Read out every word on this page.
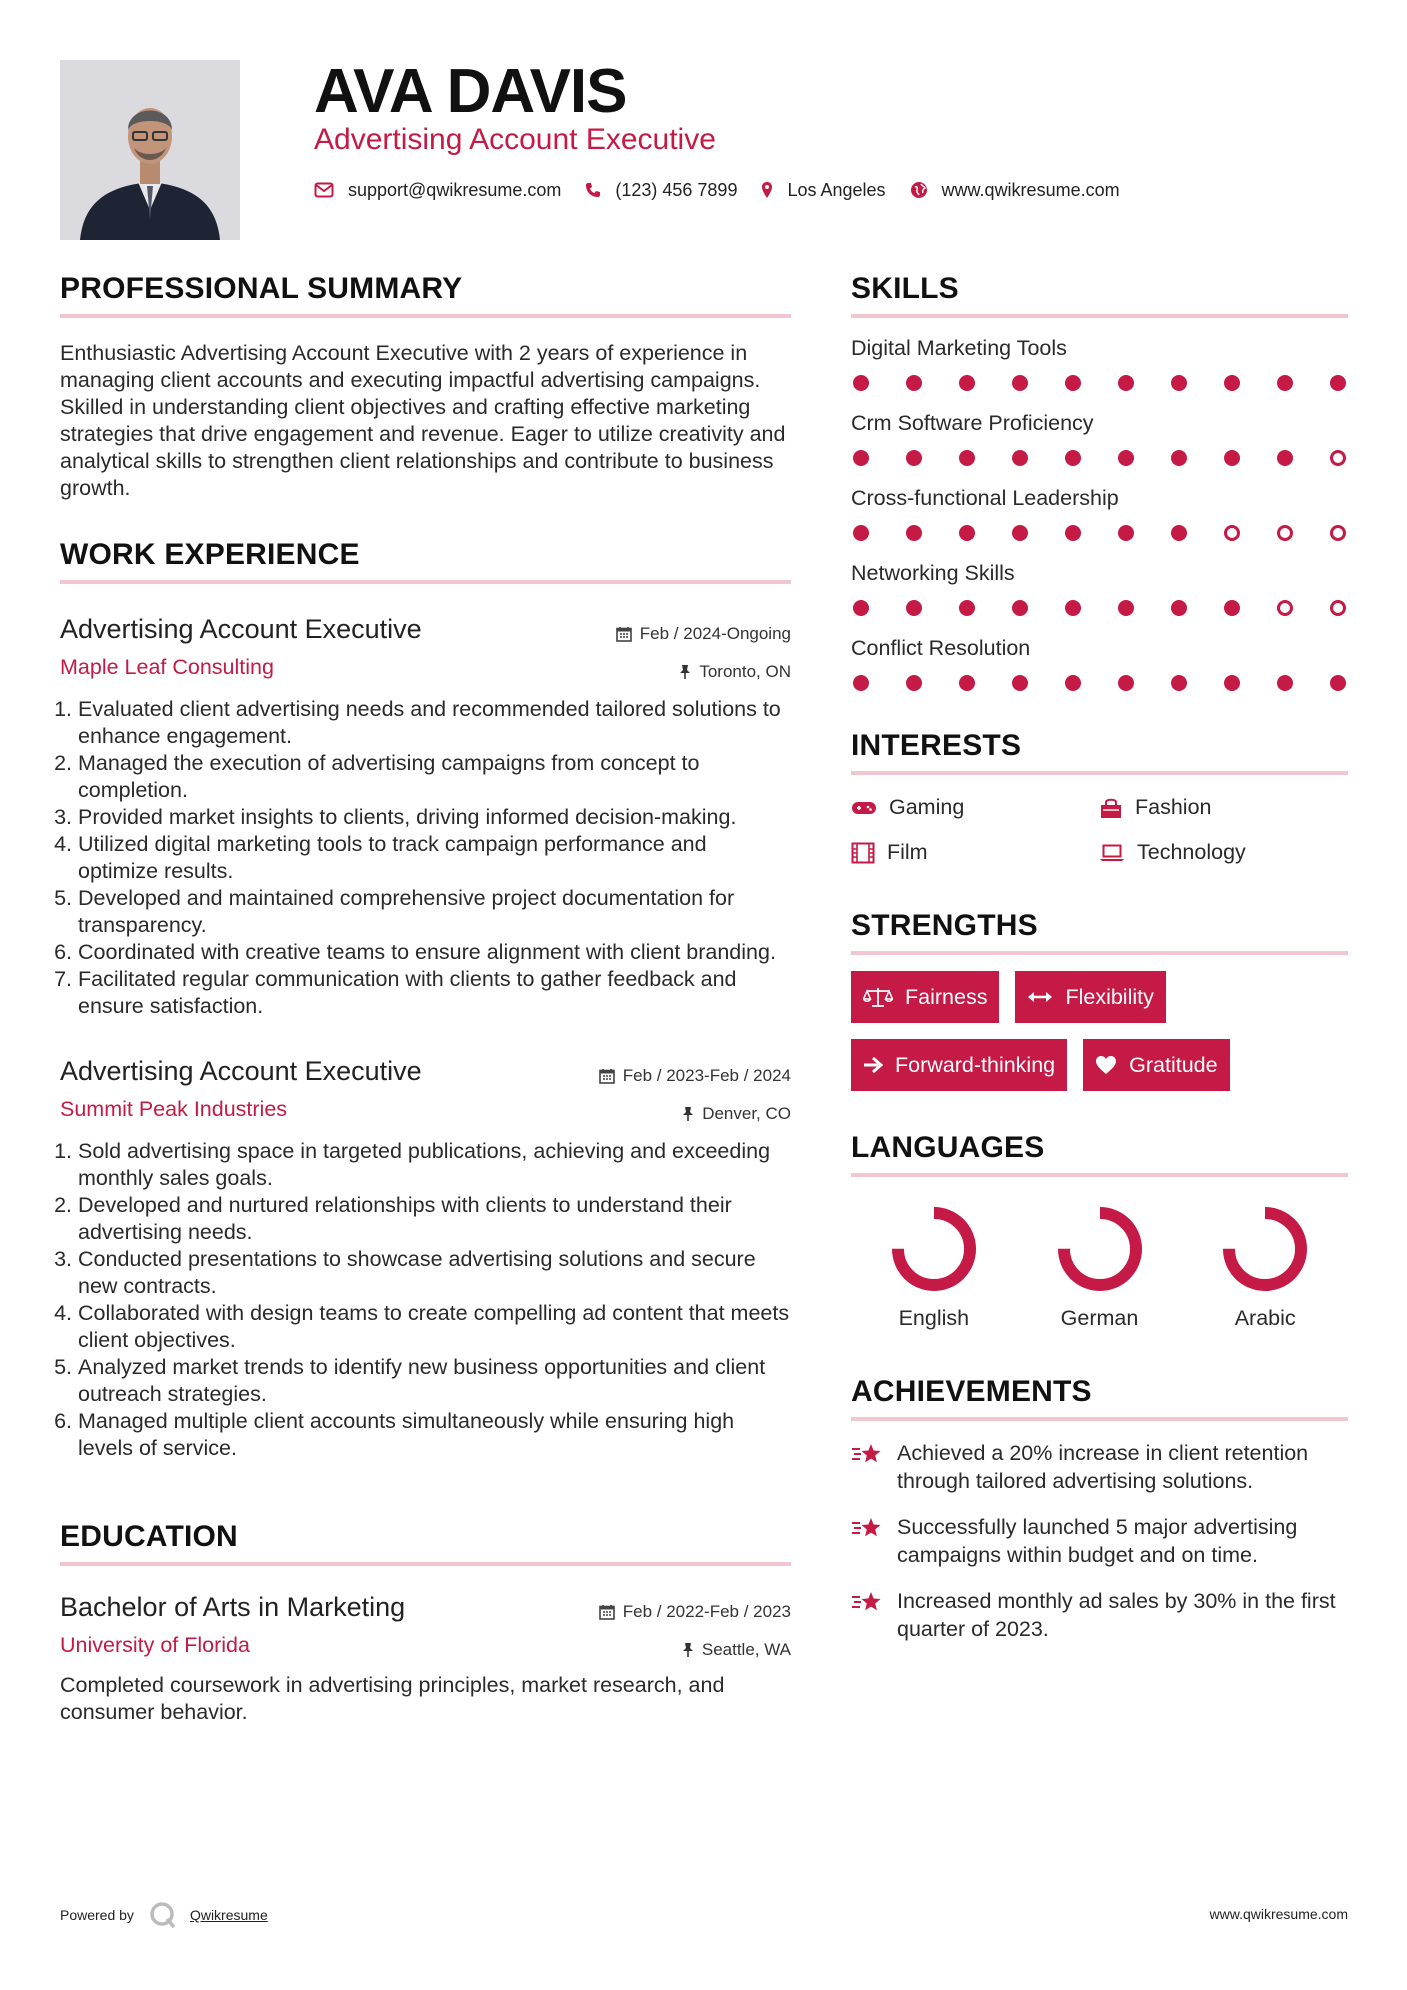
AVA DAVIS
Advertising Account Executive
support@qwikresume.com	(123) 456 7899	Los Angeles	www.qwikresume.com
PROFESSIONAL SUMMARY

Enthusiastic Advertising Account Executive with 2 years of experience in managing client accounts and executing impactful advertising campaigns. Skilled in understanding client objectives and crafting effective marketing strategies that drive engagement and revenue. Eager to utilize creativity and analytical skills to strengthen client relationships and contribute to business growth.

WORK EXPERIENCE
Advertising Account Executive	Feb / 2024-Ongoing
Maple Leaf Consulting	Toronto, ON
1. Evaluated client advertising needs and recommended tailored solutions to enhance engagement.
2. Managed the execution of advertising campaigns from concept to completion.
3. Provided market insights to clients, driving informed decision-making.
4. Utilized digital marketing tools to track campaign performance and optimize results.
5. Developed and maintained comprehensive project documentation for transparency.
6. Coordinated with creative teams to ensure alignment with client branding.
7. Facilitated regular communication with clients to gather feedback and ensure satisfaction.
Advertising Account Executive	Feb / 2023-Feb / 2024
Summit Peak Industries	Denver, CO
1. Sold advertising space in targeted publications, achieving and exceeding monthly sales goals.
2. Developed and nurtured relationships with clients to understand their advertising needs.
3. Conducted presentations to showcase advertising solutions and secure new contracts.
4. Collaborated with design teams to create compelling ad content that meets client objectives.
5. Analyzed market trends to identify new business opportunities and client outreach strategies.
6. Managed multiple client accounts simultaneously while ensuring high levels of service.
EDUCATION
Bachelor of Arts in Marketing	Feb / 2022-Feb / 2023
University of Florida	Seattle, WA

Completed coursework in advertising principles, market research, and consumer behavior.

SKILLS
Digital Marketing Tools
Crm Software Proficiency
Cross-functional Leadership
Networking Skills
Conflict Resolution
INTERESTS
Gaming	Fashion
Film	Technology
STRENGTHS
Fairness	Flexibility
Forward-thinking	Gratitude
LANGUAGES
English	German	Arabic
ACHIEVEMENTS
Achieved a 20% increase in client retention through tailored advertising solutions.
Successfully launched 5 major advertising campaigns within budget and on time.
Increased monthly ad sales by 30% in the first quarter of 2023.
Powered by	Qwikresume	www.qwikresume.com
